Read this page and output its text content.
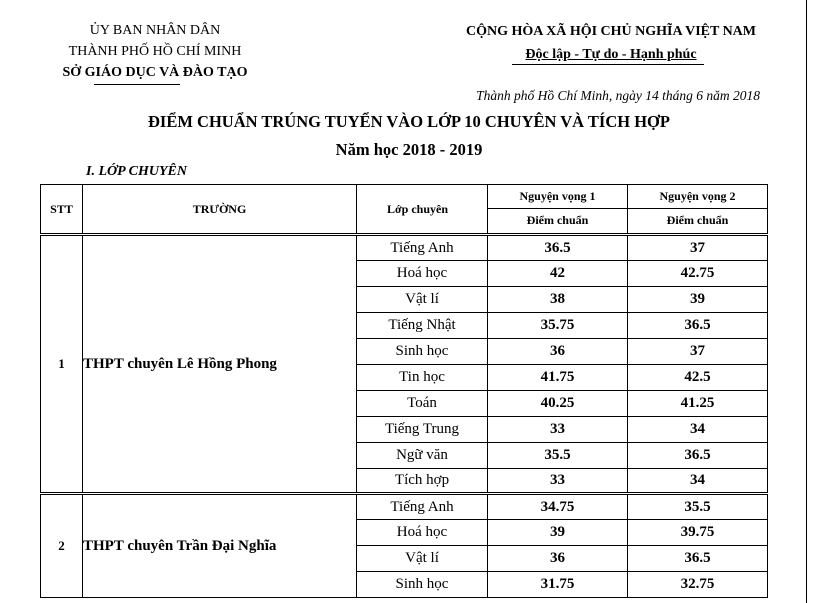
ỦY BAN NHÂN DÂN
THÀNH PHỐ HỒ CHÍ MINH
SỞ GIÁO DỤC VÀ ĐÀO TẠO
CỘNG HÒA XÃ HỘI CHỦ NGHĨA VIỆT NAM
Độc lập - Tự do - Hạnh phúc
Thành phố Hồ Chí Minh, ngày 14 tháng 6 năm 2018
ĐIỂM CHUẨN TRÚNG TUYỂN VÀO LỚP 10 CHUYÊN VÀ TÍCH HỢP
Năm học 2018 - 2019
I. LỚP CHUYÊN
STT	TRƯỜNG	Lớp chuyên	Nguyện vọng 1	Nguyện vọng 2
			Điểm chuẩn	Điểm chuẩn
1	THPT chuyên Lê Hồng Phong	Tiếng Anh	36.5	37
		Hoá học	42	42.75
		Vật lí	38	39
		Tiếng Nhật	35.75	36.5
		Sinh học	36	37
		Tin học	41.75	42.5
		Toán	40.25	41.25
		Tiếng Trung	33	34
		Ngữ văn	35.5	36.5
		Tích hợp	33	34
2	THPT chuyên Trần Đại Nghĩa	Tiếng Anh	34.75	35.5
		Hoá học	39	39.75
		Vật lí	36	36.5
		Sinh học	31.75	32.75
